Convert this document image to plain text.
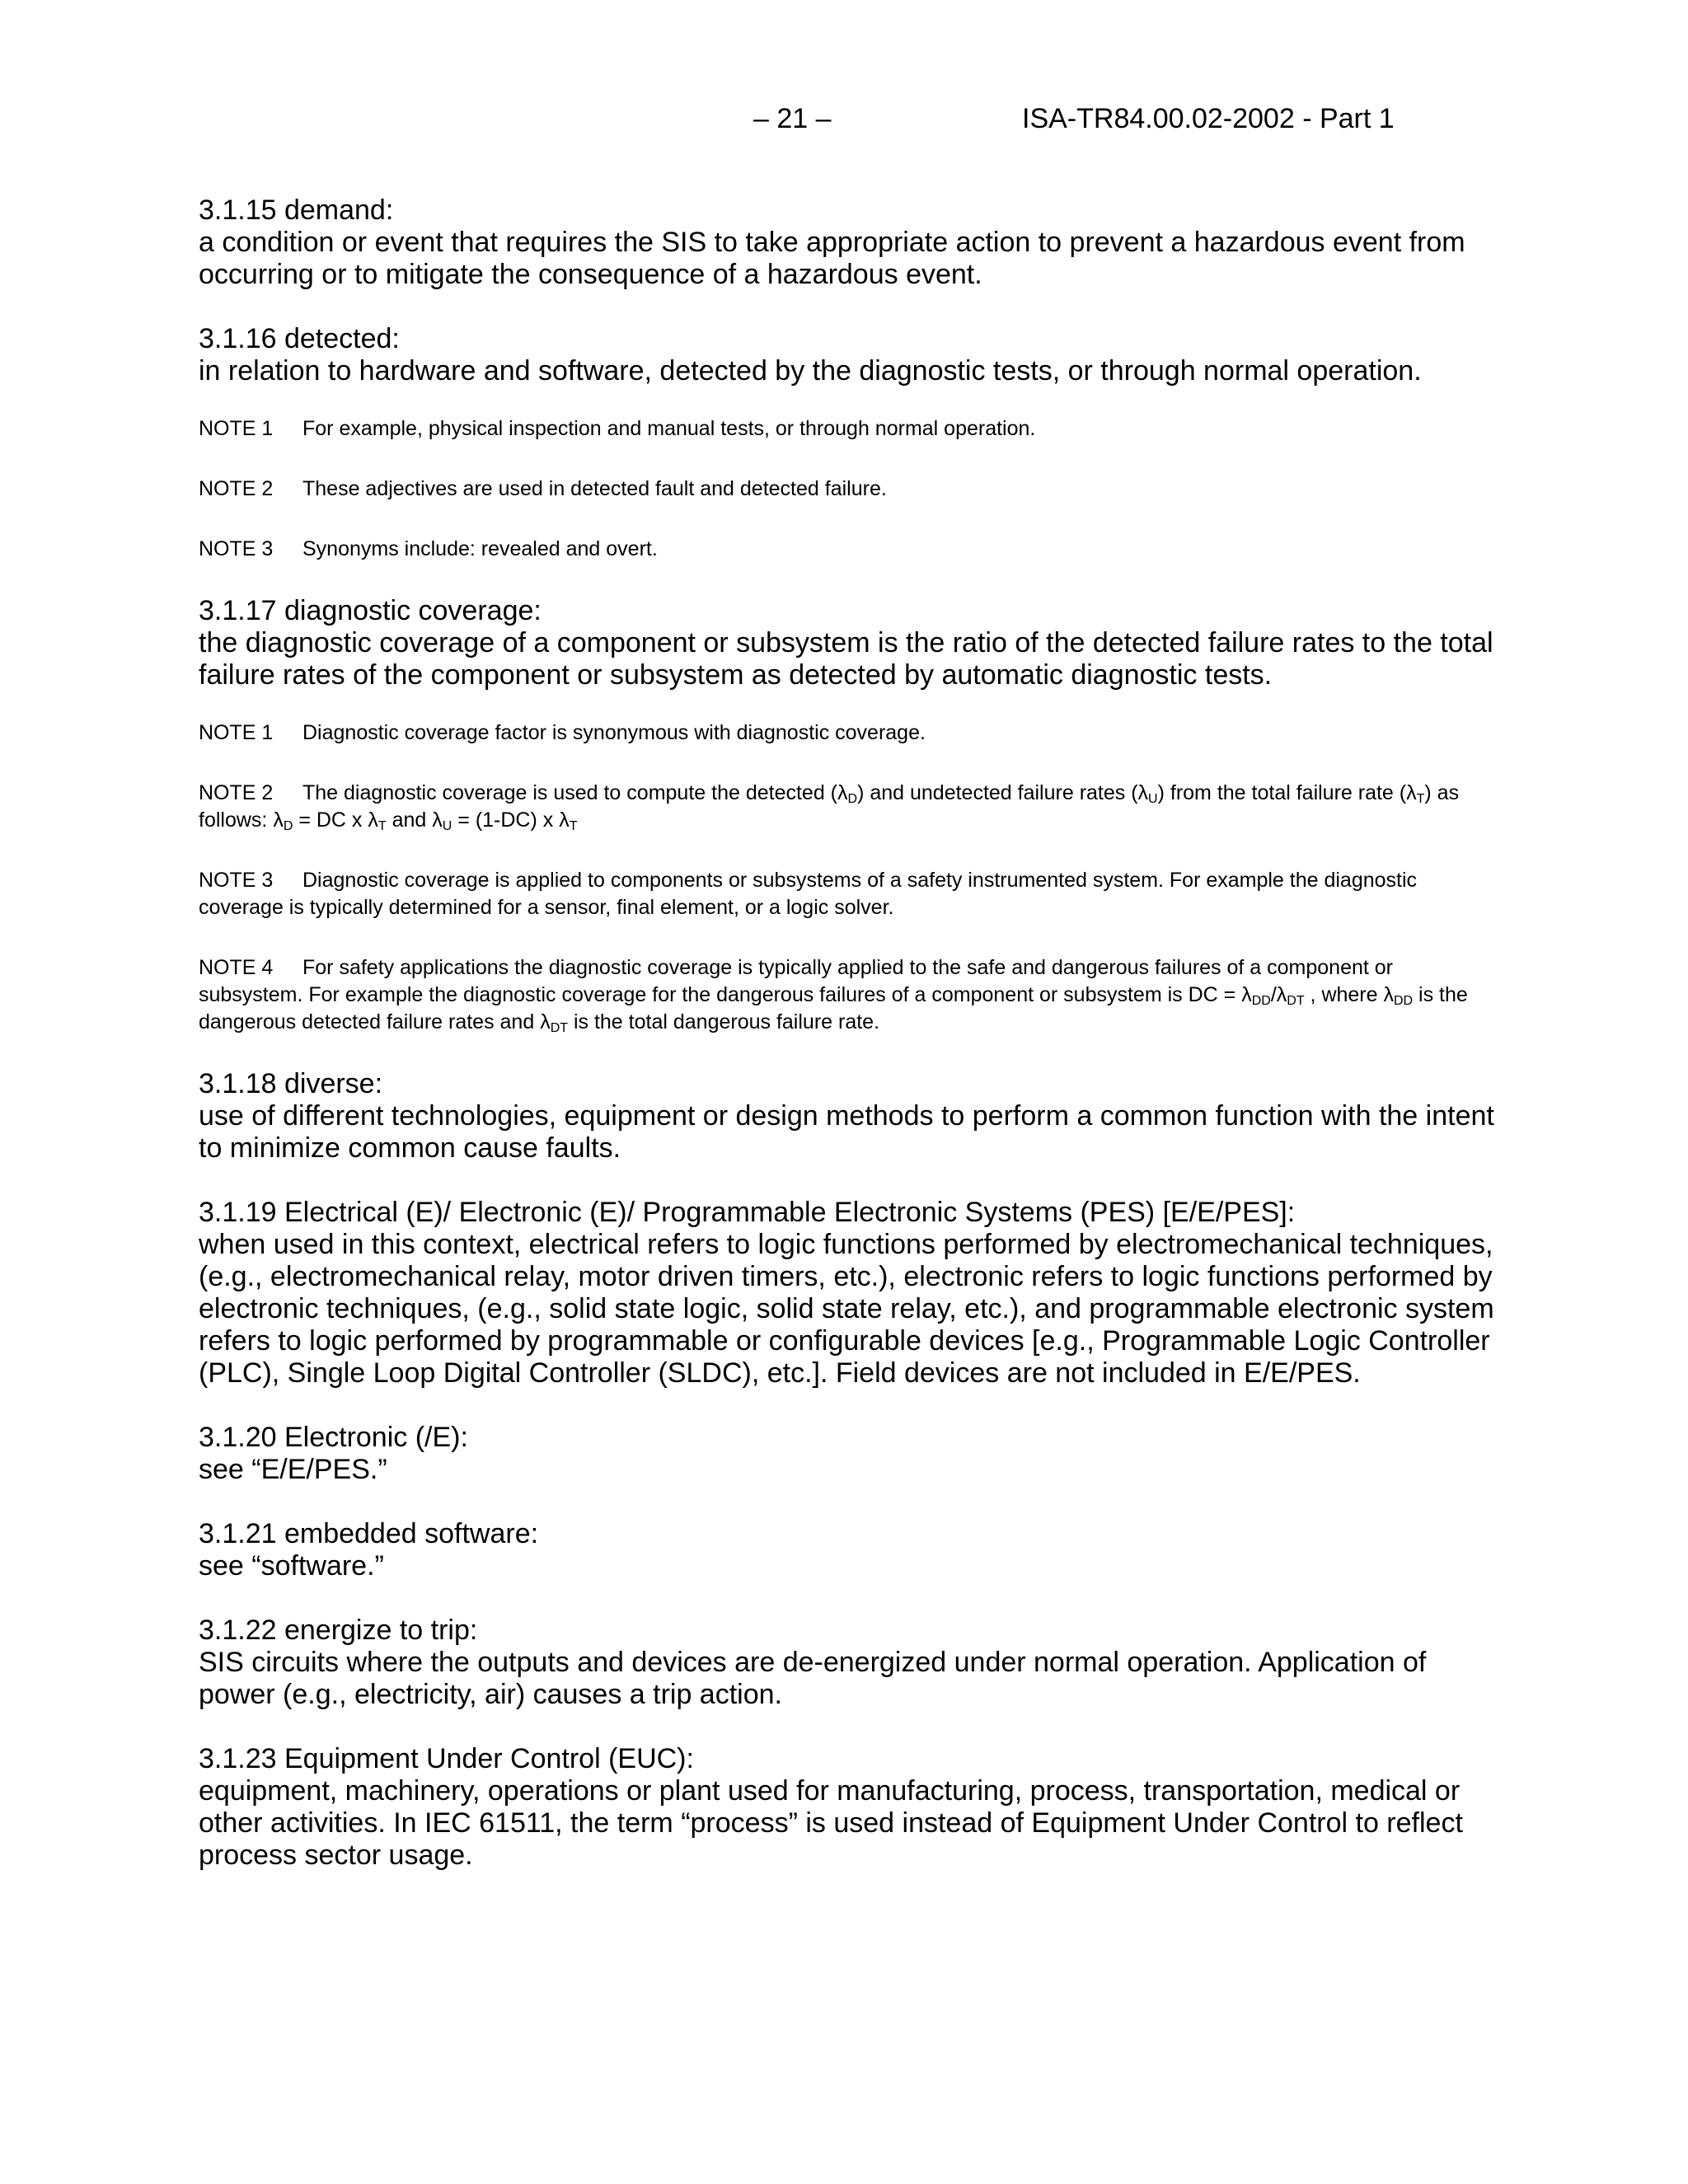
– 21 –	ISA-TR84.00.02-2002 - Part 1
3.1.15 demand:
a condition or event that requires the SIS to take appropriate action to prevent a hazardous event from occurring or to mitigate the consequence of a hazardous event.
3.1.16 detected:
in relation to hardware and software, detected by the diagnostic tests, or through normal operation.
NOTE 1 For example, physical inspection and manual tests, or through normal operation.
NOTE 2 These adjectives are used in detected fault and detected failure.
NOTE 3 Synonyms include: revealed and overt.
3.1.17 diagnostic coverage:
the diagnostic coverage of a component or subsystem is the ratio of the detected failure rates to the total failure rates of the component or subsystem as detected by automatic diagnostic tests.
NOTE 1 Diagnostic coverage factor is synonymous with diagnostic coverage.
NOTE 2 The diagnostic coverage is used to compute the detected $(\lambda_D)$ and undetected failure rates $(\lambda_U)$ from the total failure rate $(\lambda_T)$ as follows: $\lambda_D$ = DC x $\lambda_T$ and $\lambda_U = (1-DC)$ x $\lambda_T$
NOTE 3 Diagnostic coverage is applied to components or subsystems of a safety instrumented system. For example the diagnostic coverage is typically determined for a sensor, final element, or a logic solver.
NOTE 4 For safety applications the diagnostic coverage is typically applied to the safe and dangerous failures of a component or subsystem. For example the diagnostic coverage for the dangerous failures of a component or subsystem is DC = $\lambda_{DD}/\lambda_{DT}$ , where $\lambda_{DD}$ is the dangerous detected failure rates and $\lambda_{DT}$ is the total dangerous failure rate.
3.1.18 diverse:
use of different technologies, equipment or design methods to perform a common function with the intent to minimize common cause faults.
3.1.19 Electrical (E)/ Electronic (E)/ Programmable Electronic Systems (PES) [E/E/PES]:
when used in this context, electrical refers to logic functions performed by electromechanical techniques, (e.g., electromechanical relay, motor driven timers, etc.), electronic refers to logic functions performed by electronic techniques, (e.g., solid state logic, solid state relay, etc.), and programmable electronic system refers to logic performed by programmable or configurable devices [e.g., Programmable Logic Controller (PLC), Single Loop Digital Controller (SLDC), etc.]. Field devices are not included in E/E/PES.
3.1.20 Electronic (/E):
see “E/E/PES.”
3.1.21 embedded software:
see “software.”
3.1.22 energize to trip:
SIS circuits where the outputs and devices are de-energized under normal operation. Application of power (e.g., electricity, air) causes a trip action.
3.1.23 Equipment Under Control (EUC):
equipment, machinery, operations or plant used for manufacturing, process, transportation, medical or other activities. In IEC 61511, the term “process” is used instead of Equipment Under Control to reflect process sector usage.
